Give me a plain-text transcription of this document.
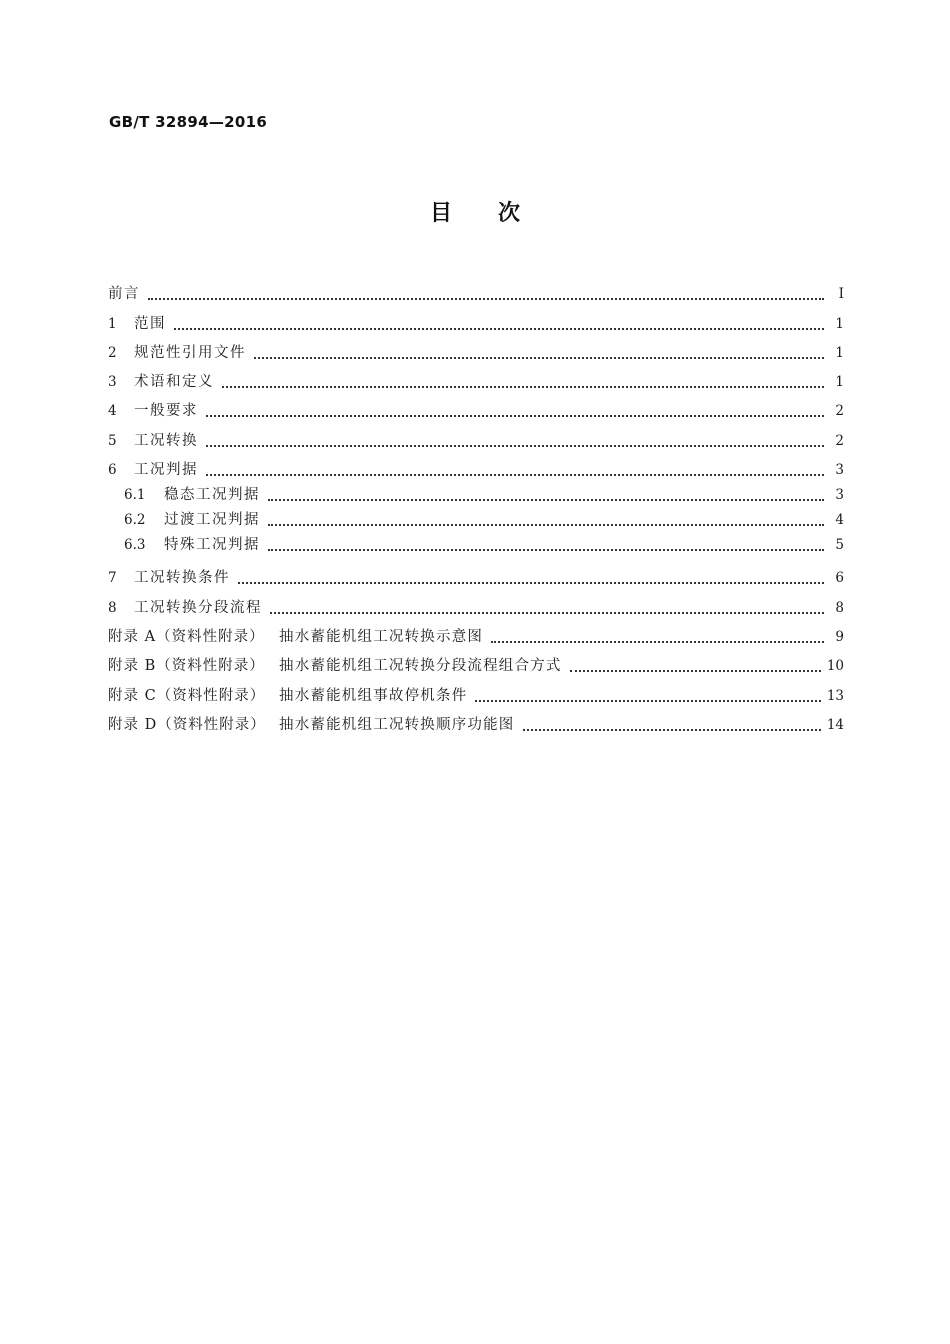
GB/T 32894—2016
目次
前言	Ⅰ
1	范围	1
2	规范性引用文件	1
3	术语和定义	1
4	一般要求	2
5	工况转换	2
6	工况判据	3
6.1	稳态工况判据	3
6.2	过渡工况判据	4
6.3	特殊工况判据	5
7	工况转换条件	6
8	工况转换分段流程	8
附录 A（资料性附录） 抽水蓄能机组工况转换示意图	9
附录 B（资料性附录） 抽水蓄能机组工况转换分段流程组合方式	10
附录 C（资料性附录） 抽水蓄能机组事故停机条件	13
附录 D（资料性附录） 抽水蓄能机组工况转换顺序功能图	14
